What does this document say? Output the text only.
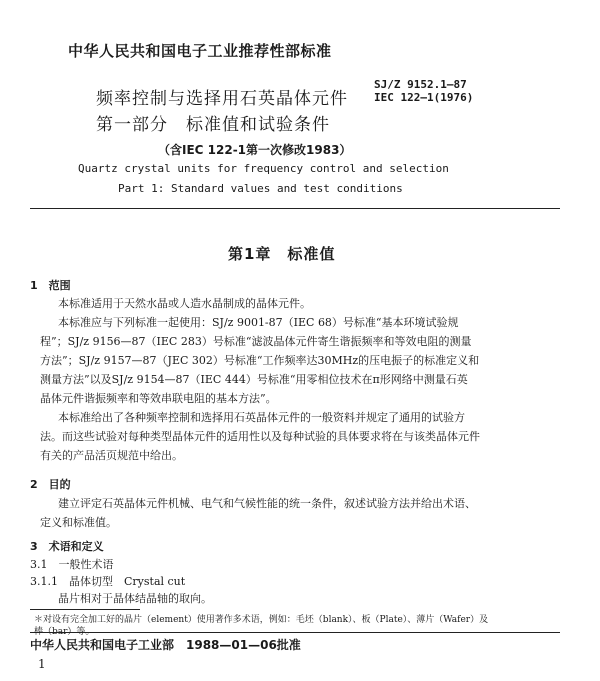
中华人民共和国电子工业推荐性部标准
频率控制与选择用石英晶体元件
第一部分　标准值和试验条件
SJ/Z 9152.1—87
IEC 122—1(1976)
（含IEC 122-1第一次修改1983）
Quartz crystal units for frequency control and selection
Part 1: Standard values and test conditions
第1章　标准值
1　范围
本标准适用于天然水晶或人造水晶制成的晶体元件。
本标准应与下列标准一起使用：SJ/z 9001-87（IEC 68）号标准“基本环境试验规
程”；SJ/z 9156—87（IEC 283）号标准“滤波晶体元件寄生谐振频率和等效电阻的测量
方法”；SJ/z 9157—87（JEC 302）号标准“工作频率达30MHz的压电振子的标准定义和
测量方法”以及SJ/z 9154—87（IEC 444）号标准“用零相位技术在π形网络中测量石英
晶体元件谐振频率和等效串联电阻的基本方法”。
本标准给出了各种频率控制和选择用石英晶体元件的一般资料并规定了通用的试验方
法。而这些试验对每种类型晶体元件的适用性以及每种试验的具体要求将在与该类晶体元件
有关的产品活页规范中给出。
2　目的
建立评定石英晶体元件机械、电气和气候性能的统一条件，叙述试验方法并给出术语、
定义和标准值。
3　术语和定义
3.1　一般性术语
3.1.1　晶体切型　Crystal cut
晶片相对于晶体结晶轴的取向。
＊对设有完全加工好的晶片（element）使用著作多术语，例如：毛坯（blank）、板（Plate）、薄片（Wafer）及
棒（bar）等。
中华人民共和国电子工业部　1988—01—06批准
1
